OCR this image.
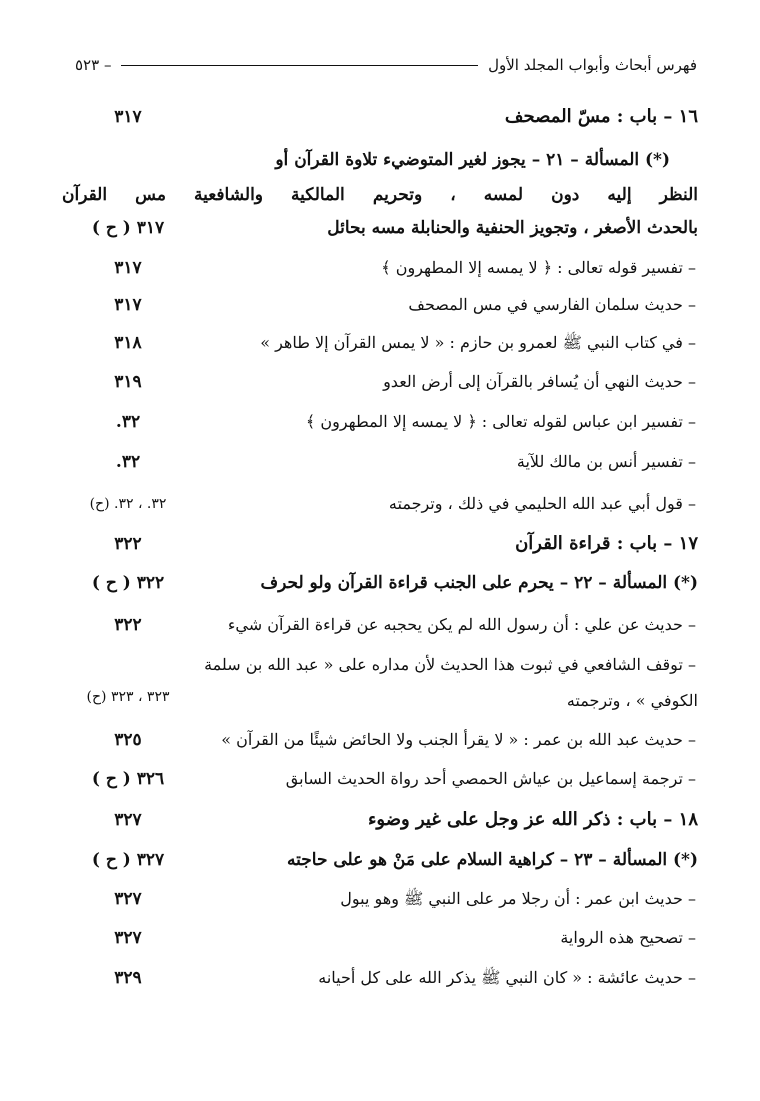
فهرس أبحاث وأبواب المجلد الأول
– ٥٢٣
١٦ – باب : مسّ المصحف
٣١٧
(*) المسألة – ٢١ – يجوز لغير المتوضيء تلاوة القرآن أو
النظر إليه دون لمسه ، وتحريم المالكية والشافعية مس القرآن
بالحدث الأصغر ، وتجويز الحنفية والحنابلة مسه بحائل
٣١٧ ( ح )
– تفسير قوله تعالى : ﴿ لا يمسه إلا المطهرون ﴾
٣١٧
– حديث سلمان الفارسي في مس المصحف
٣١٧
– في كتاب النبي ﷺ لعمرو بن حازم : « لا يمس القرآن إلا طاهر »
٣١٨
– حديث النهي أن يُسافر بالقرآن إلى أرض العدو
٣١٩
– تفسير ابن عباس لقوله تعالى : ﴿ لا يمسه إلا المطهرون ﴾
٣٢.
– تفسير أنس بن مالك للآية
٣٢.
– قول أبي عبد الله الحليمي في ذلك ، وترجمته
٣٢. ، ٣٢. (ح)
١٧ – باب : قراءة القرآن
٣٢٢
(*) المسألة – ٢٢ – يحرم على الجنب قراءة القرآن ولو لحرف
٣٢٢ ( ح )
– حديث عن علي : أن رسول الله لم يكن يحجبه عن قراءة القرآن شيء
٣٢٢
– توقف الشافعي في ثبوت هذا الحديث لأن مداره على « عبد الله بن سلمة
الكوفي » ، وترجمته
٣٢٣ ، ٣٢٣ (ح)
– حديث عبد الله بن عمر : « لا يقرأ الجنب ولا الحائض شيئًا من القرآن »
٣٢٥
– ترجمة إسماعيل بن عياش الحمصي أحد رواة الحديث السابق
٣٢٦ ( ح )
١٨ – باب : ذكر الله عز وجل على غير وضوء
٣٢٧
(*) المسألة – ٢٣ – كراهية السلام على مَنْ هو على حاجته
٣٢٧ ( ح )
– حديث ابن عمر : أن رجلا مر على النبي ﷺ وهو يبول
٣٢٧
– تصحيح هذه الرواية
٣٢٧
– حديث عائشة : « كان النبي ﷺ يذكر الله على كل أحيانه
٣٢٩
